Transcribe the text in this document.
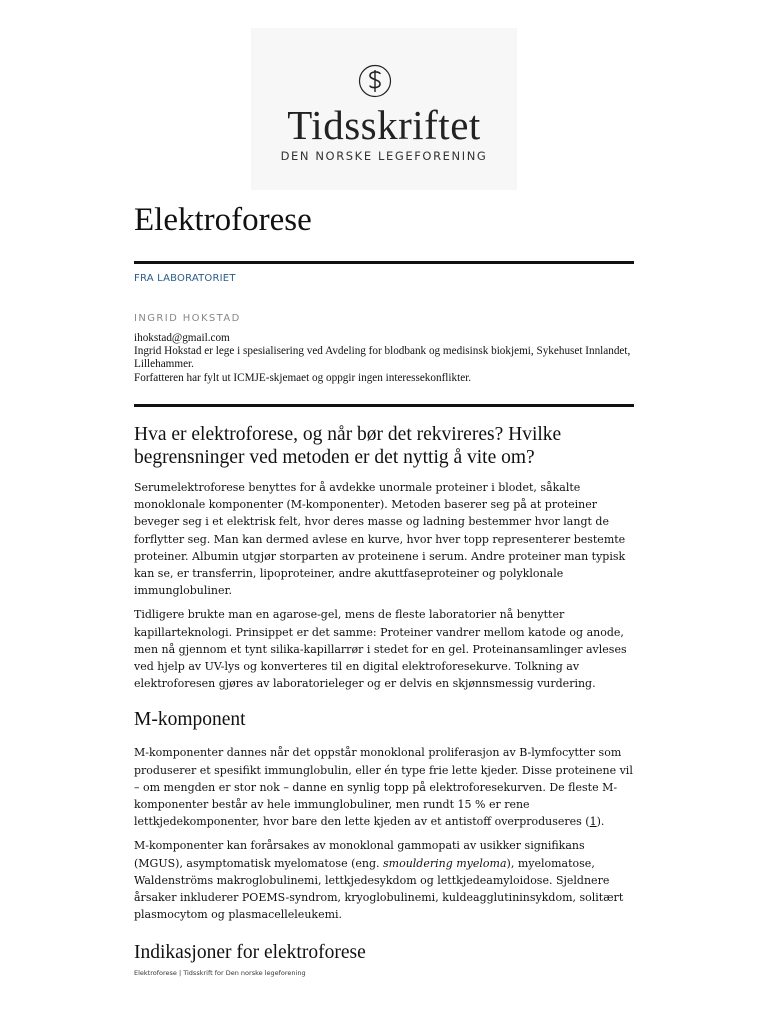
Tidsskriftet
DEN NORSKE LEGEFORENING
Elektroforese
FRA LABORATORIET
INGRID HOKSTAD
ihokstad@gmail.com
Ingrid Hokstad er lege i spesialisering ved Avdeling for blodbank og medisinsk biokjemi, Sykehuset Innlandet, Lillehammer.
Forfatteren har fylt ut ICMJE-skjemaet og oppgir ingen interessekonflikter.
Hva er elektroforese, og når bør det rekvireres? Hvilke begrensninger ved metoden er det nyttig å vite om?

Serumelektroforese benyttes for å avdekke unormale proteiner i blodet, såkalte monoklonale komponenter (M-komponenter). Metoden baserer seg på at proteiner beveger seg i et elektrisk felt, hvor deres masse og ladning bestemmer hvor langt de forflytter seg. Man kan dermed avlese en kurve, hvor hver topp representerer bestemte proteiner. Albumin utgjør storparten av proteinene i serum. Andre proteiner man typisk kan se, er transferrin, lipoproteiner, andre akuttfaseproteiner og polyklonale immunglobuliner.

Tidligere brukte man en agarose-gel, mens de fleste laboratorier nå benytter kapillarteknologi. Prinsippet er det samme: Proteiner vandrer mellom katode og anode, men nå gjennom et tynt silika-kapillarrør i stedet for en gel. Proteinansamlinger avleses ved hjelp av UV-lys og konverteres til en digital elektroforesekurve. Tolkning av elektroforesen gjøres av laboratorieleger og er delvis en skjønnsmessig vurdering.

M-komponent

M-komponenter dannes når det oppstår monoklonal proliferasjon av B-lymfocytter som produserer et spesifikt immunglobulin, eller én type frie lette kjeder. Disse proteinene vil – om mengden er stor nok – danne en synlig topp på elektroforesekurven. De fleste M-komponenter består av hele immunglobuliner, men rundt 15 % er rene lettkjedekomponenter, hvor bare den lette kjeden av et antistoff overproduseres (1).

M-komponenter kan forårsakes av monoklonal gammopati av usikker signifikans (MGUS), asymptomatisk myelomatose (eng. smouldering myeloma), myelomatose, Waldenströms makroglobulinemi, lettkjedesykdom og lettkjedeamyloidose. Sjeldnere årsaker inkluderer POEMS-syndrom, kryoglobulinemi, kuldeagglutininsykdom, solitært plasmocytom og plasmacelleleukemi.

Indikasjoner for elektroforese
Elektroforese | Tidsskrift for Den norske legeforening
